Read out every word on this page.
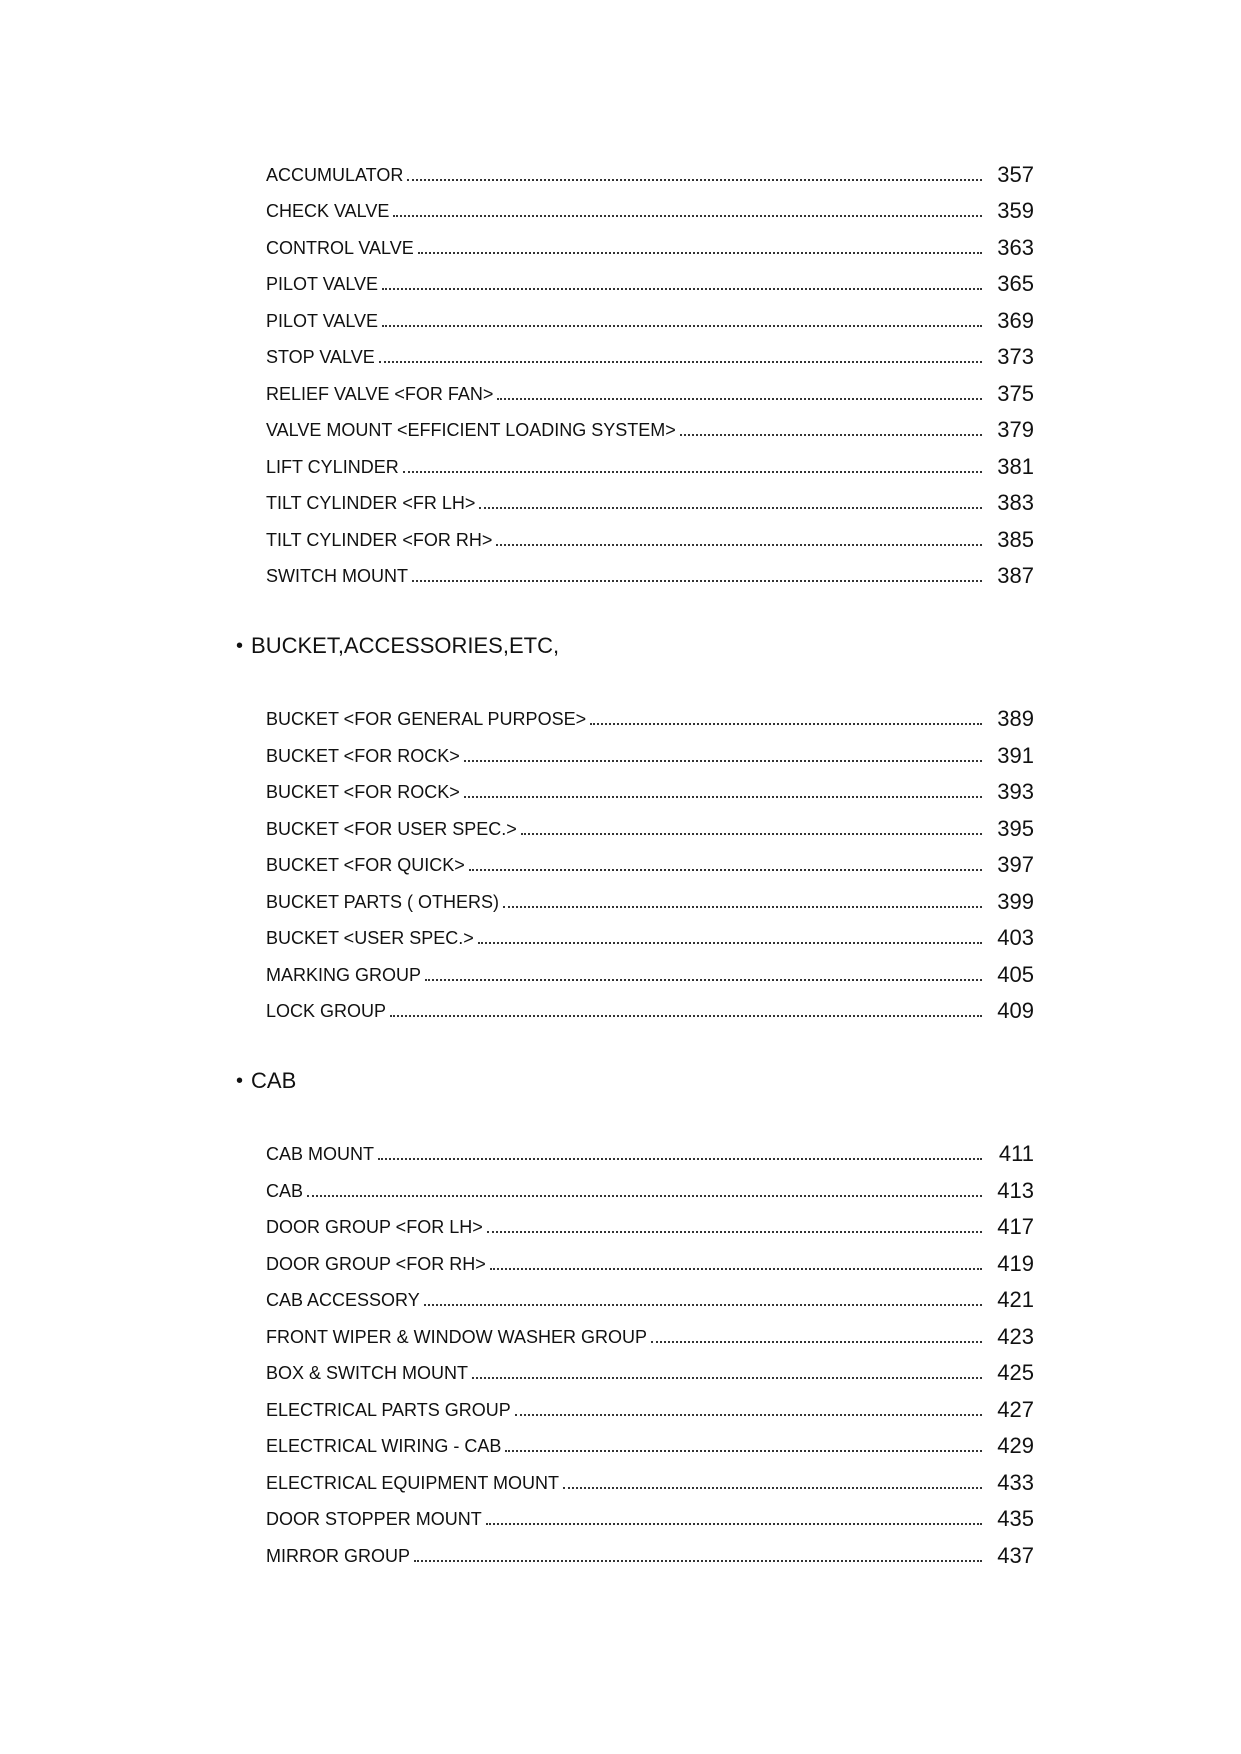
ACCUMULATOR	357
CHECK VALVE	359
CONTROL VALVE	363
PILOT VALVE	365
PILOT VALVE	369
STOP VALVE	373
RELIEF VALVE <FOR FAN>	375
VALVE MOUNT <EFFICIENT LOADING SYSTEM>	379
LIFT CYLINDER	381
TILT CYLINDER <FR LH>	383
TILT CYLINDER <FOR RH>	385
SWITCH MOUNT	387
• BUCKET,ACCESSORIES,ETC,
BUCKET <FOR GENERAL PURPOSE>	389
BUCKET <FOR ROCK>	391
BUCKET <FOR ROCK>	393
BUCKET <FOR USER SPEC.>	395
BUCKET <FOR QUICK>	397
BUCKET PARTS ( OTHERS)	399
BUCKET <USER SPEC.>	403
MARKING GROUP	405
LOCK GROUP	409
• CAB
CAB MOUNT	411
CAB	413
DOOR GROUP <FOR LH>	417
DOOR GROUP <FOR RH>	419
CAB ACCESSORY	421
FRONT WIPER & WINDOW WASHER GROUP	423
BOX & SWITCH MOUNT	425
ELECTRICAL PARTS GROUP	427
ELECTRICAL WIRING - CAB	429
ELECTRICAL EQUIPMENT MOUNT	433
DOOR STOPPER MOUNT	435
MIRROR GROUP	437
